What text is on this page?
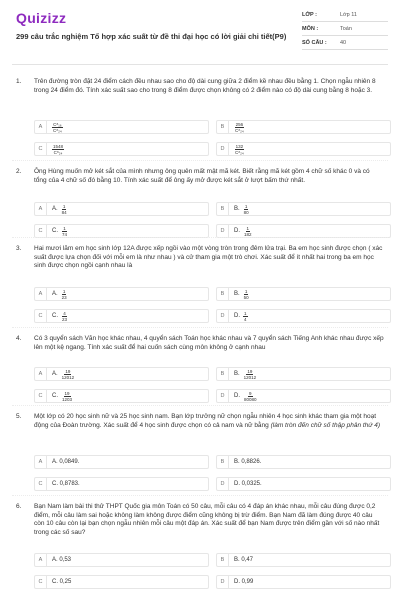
Quizizz
299 câu trắc nghiệm Tổ hợp xác suất từ đề thi đại học có lời giải chi tiết(P9)
LỚP :	Lớp 11
MÔN :	Toán
SỐ CÂU :	40
1. Trên đường tròn đặt 24 điểm cách đều nhau sao cho độ dài cung giữa 2 điểm kề nhau đều bằng 1. Chọn ngẫu nhiên 8 trong 24 điểm đó. Tính xác suất sao cho trong 8 điểm được chọn không có 2 điểm nào có độ dài cung bằng 8 hoặc 3.
A	$\frac{\text{C⁸₁₆}}{\text{C⁸₂₄}}$	B	$\frac{256}{\text{C⁸₂₄}}$
C	$\frac{1548}{\text{C⁸₂₄}}$	D	$\frac{132}{\text{C⁸₂₄}}$
2. Ông Hùng muốn mở két sắt của mình nhưng ông quên mất mật mã két. Biết rằng mã két gồm 4 chữ số khác 0 và có tổng của 4 chữ số đó bằng 10. Tính xác suất để ông ấy mở được két sắt ở lượt bấm thứ nhất.
A	A. $\frac{1}{84}$	B	B. $\frac{1}{80}$
C	C. $\frac{1}{74}$	D	D. $\frac{1}{182}$
3. Hai mươi lăm em học sinh lớp 12A được xếp ngồi vào một vòng tròn trong đêm lửa trại. Ba em học sinh được chọn ( xác suất được lựa chọn đối với mỗi em là như nhau ) và cử tham gia một trò chơi. Xác suất để ít nhất hai trong ba em học sinh được chọn ngồi cạnh nhau là
A	A. $\frac{1}{23}$	B	B. $\frac{1}{50}$
C	C. $\frac{4}{23}$	D	D. $\frac{1}{4}$
4. Có 3 quyển sách Văn học khác nhau, 4 quyển sách Toán học khác nhau và 7 quyển sách Tiếng Anh khác nhau được xếp lên một kệ ngang. Tính xác suất để hai cuốn sách cùng môn không ở cạnh nhau
A	A. $\frac{19}{12012}$	B	B. $\frac{19}{12012}$
C	C. $\frac{19}{1203}$	D	D. $\frac{9}{80080}$
5. Một lớp có 20 học sinh nữ và 25 học sinh nam. Bạn lớp trưởng nữ chọn ngẫu nhiên 4 học sinh khác tham gia một hoạt động của Đoàn trường. Xác suất để 4 học sinh được chọn có cả nam và nữ bằng (làm tròn đến chữ số thập phân thứ 4)
A	A. 0,0849.	B	B. 0,8826.
C	C. 0,8783.	D	D. 0,0325.
6. Bạn Nam làm bài thi thử THPT Quốc gia môn Toán có 50 câu, mỗi câu có 4 đáp án khác nhau, mỗi câu đúng được 0,2 điểm, mỗi câu làm sai hoặc không làm không được điểm cũng không bị trừ điểm. Bạn Nam đã làm đúng được 40 câu còn 10 câu còn lại bạn chọn ngẫu nhiên mỗi câu một đáp án. Xác suất để bạn Nam được trên điểm gần với số nào nhất trong các số sau?
A	A. 0,53	B	B. 0,47
C	C. 0,25	D	D. 0,99
